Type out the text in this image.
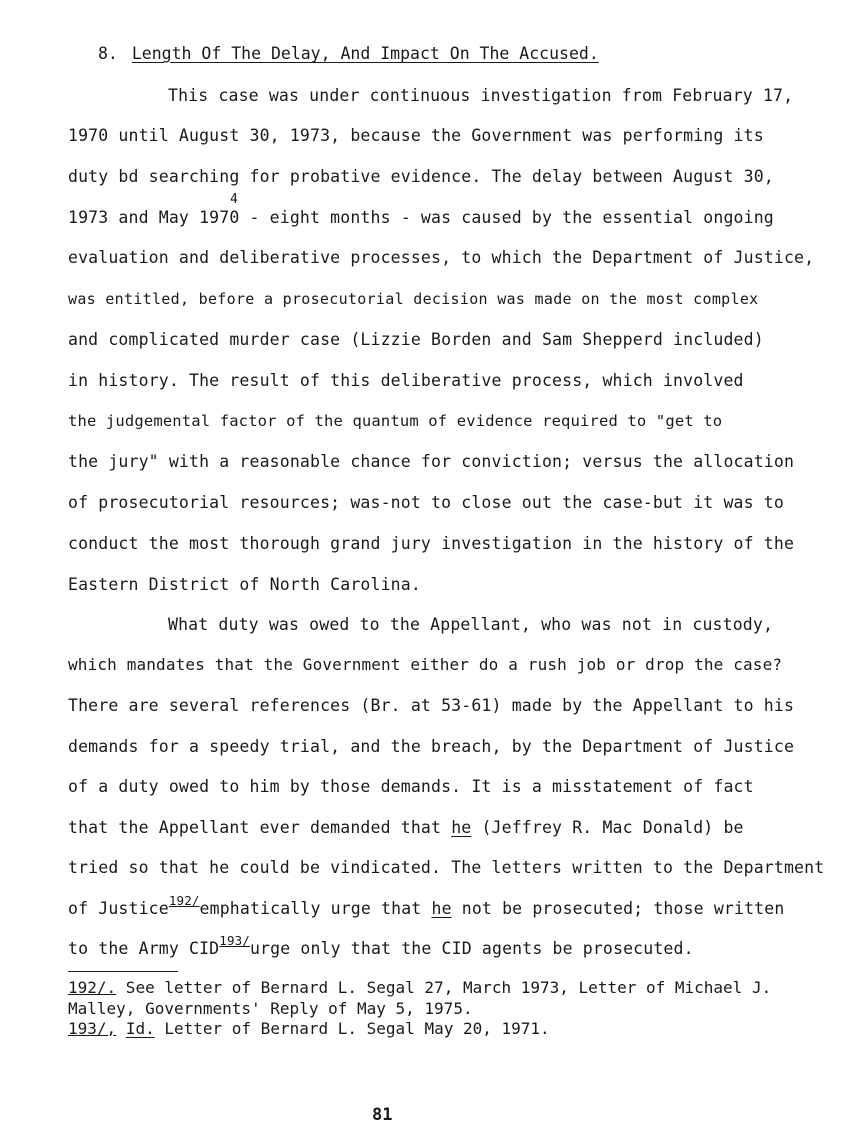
8. Length Of The Delay, And Impact On The Accused.
This case was under continuous investigation from February 17,
1970 until August 30, 1973, because the Government was performing its
duty bd searching for probative evidence. The delay between August 30,
4
1973 and May 1970 - eight months - was caused by the essential ongoing
evaluation and deliberative processes, to which the Department of Justice,
was entitled, before a prosecutorial decision was made on the most complex
and complicated murder case (Lizzie Borden and Sam Shepperd included)
in history. The result of this deliberative process, which involved
the judgemental factor of the quantum of evidence required to "get to
the jury" with a reasonable chance for conviction; versus the allocation
of prosecutorial resources; was-not to close out the case-but it was to
conduct the most thorough grand jury investigation in the history of the
Eastern District of North Carolina.
What duty was owed to the Appellant, who was not in custody,
which mandates that the Government either do a rush job or drop the case?
There are several references (Br. at 53-61) made by the Appellant to his
demands for a speedy trial, and the breach, by the Department of Justice
of a duty owed to him by those demands. It is a misstatement of fact
that the Appellant ever demanded that he (Jeffrey R. Mac Donald) be
tried so that he could be vindicated. The letters written to the Department
of Justice$^{192/}$emphatically urge that he not be prosecuted; those written
to the Army $CID^{193/}urge$ only that the CID agents be prosecuted.
192/. See letter of Bernard L. Segal 27, March 1973, Letter of Michael J.
Malley, Governments' Reply of May 5, 1975.
193/, Id. Letter of Bernard L. Segal May 20, 1971.
81
